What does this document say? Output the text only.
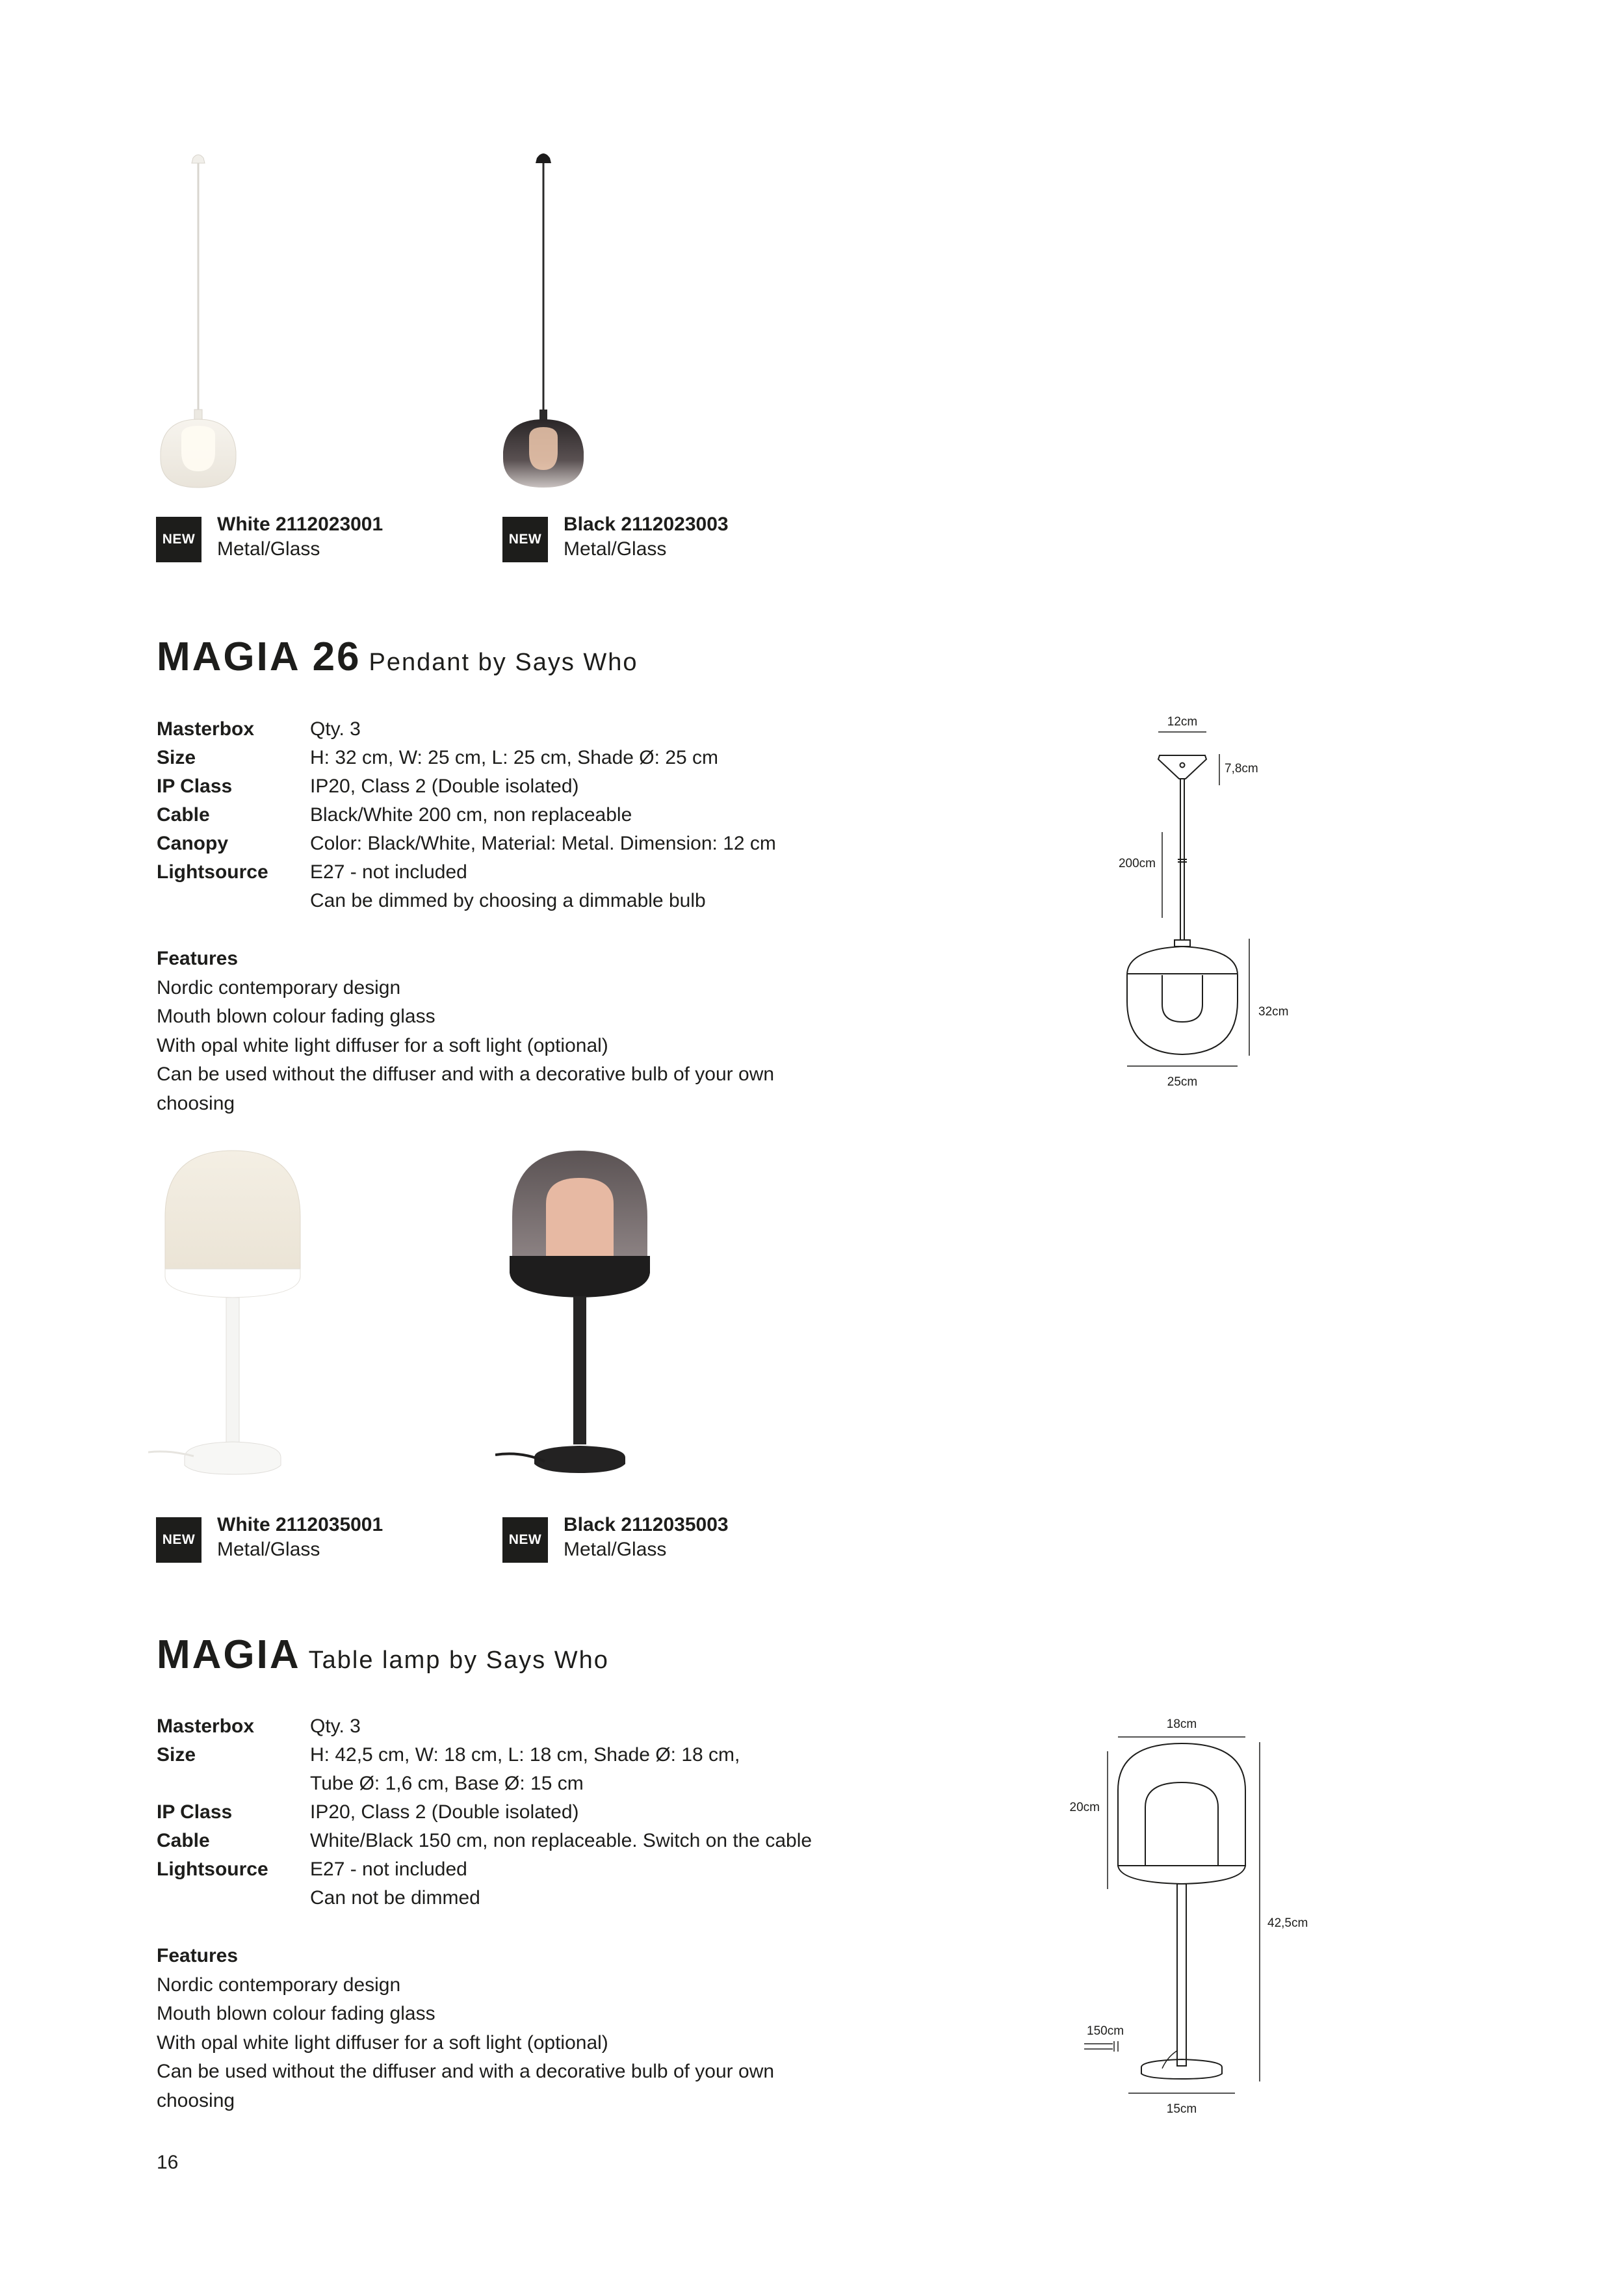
NEW
White 2112023001
Metal/Glass	NEW
Black 2112023003
Metal/Glass
MAGIA 26 Pendant by Says Who
Masterbox	Qty. 3
Size	H: 32 cm, W: 25 cm, L: 25 cm, Shade Ø: 25 cm
IP Class	IP20, Class 2 (Double isolated)
Cable	Black/White 200 cm, non replaceable
Canopy	Color: Black/White, Material: Metal. Dimension: 12 cm
Lightsource	E27 - not included
Can be dimmed by choosing a dimmable bulb
Features
Nordic contemporary design
Mouth blown colour fading glass
With opal white light diffuser for a soft light (optional)
Can be used without the diffuser and with a decorative bulb of your own choosing
12cm
7,8cm
200cm
32cm
25cm
NEW
White 2112035001
Metal/Glass	NEW
Black 2112035003
Metal/Glass
MAGIA Table lamp by Says Who
Masterbox	Qty. 3
Size	H: 42,5 cm, W: 18 cm, L: 18 cm, Shade Ø: 18 cm,
Tube Ø: 1,6 cm, Base Ø: 15 cm
IP Class	IP20, Class 2 (Double isolated)
Cable	White/Black 150 cm, non replaceable. Switch on the cable
Lightsource	E27 - not included
Can not be dimmed
Features
Nordic contemporary design
Mouth blown colour fading glass
With opal white light diffuser for a soft light (optional)
Can be used without the diffuser and with a decorative bulb of your own choosing
18cm
20cm
42,5cm
150cm
15cm
16
